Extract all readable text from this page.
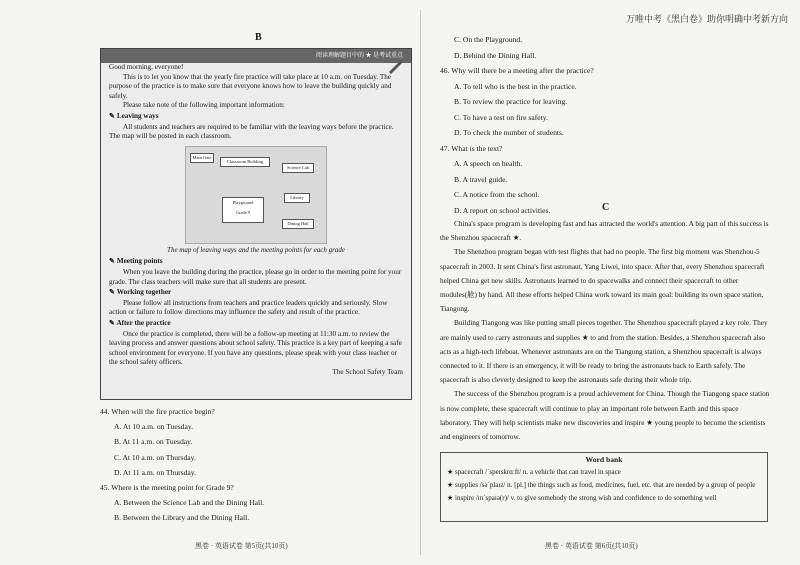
万唯中考《黑白卷》助你明确中考新方向
B
阅读理解题目中的 ★ 是考试重点

Good morning, everyone!

This is to let you know that the yearly fire practice will take place at 10 a.m. on Tuesday. The purpose of the practice is to make sure that everyone knows how to leave the building quickly and safely.

Please take note of the following important information:

✎ Leaving ways

All students and teachers are required to be familiar with the leaving ways before the practice. The map will be posted in each classroom.

Main Gate
Classroom Building
Science Lab
Playground
Grade 9
Library
Dining Hall
The map of leaving ways and the meeting points for each grade
✎ Meeting points

When you leave the building during the practice, please go in order to the meeting point for your grade. The class teachers will make sure that all students are present.

✎ Working together

Please follow all instructions from teachers and practice leaders quickly and seriously. Slow action or failure to follow directions may influence the safety and result of the practice.

✎ After the practice

Once the practice is completed, there will be a follow-up meeting at 11:30 a.m. to review the leaving process and answer questions about school safety. This practice is a key part of keeping a safe school environment for everyone. If you have any questions, please speak with your class teacher or the school safety officers.

The School Safety Team

44. When will the fire practice begin?
A. At 10 a.m. on Tuesday.
B. At 11 a.m. on Tuesday.
C. At 10 a.m. on Thursday.
D. At 11 a.m. on Thursday.
45. Where is the meeting point for Grade 9?
A. Between the Science Lab and the Dining Hall.
B. Between the Library and the Dining Hall.
黑卷 · 英语试卷 第5页(共10页)
C. On the Playground.
D. Behind the Dining Hall.
46. Why will there be a meeting after the practice?
A. To tell who is the best in the practice.
B. To review the practice for leaving.
C. To have a test on fire safety.
D. To check the number of students.
47. What is the text?
A. A speech on health.
B. A travel guide.
C. A notice from the school.
D. A report on school activities.	C

China's space program is developing fast and has attracted the world's attention. A big part of this success is the Shenzhou spacecraft ★.

The Shenzhou program began with test flights that had no people. The first big moment was Shenzhou-5 spacecraft in 2003. It sent China's first astronaut, Yang Liwei, into space. After that, every Shenzhou spacecraft helped China get new skills. Astronauts learned to do spacewalks and connect their spacecraft to other modules(舱) by hand. All these efforts helped China work toward its main goal: building its own space station, Tiangong.

Building Tiangong was like putting small pieces together. The Shenzhou spacecraft played a key role. They are mainly used to carry astronauts and supplies ★ to and from the station. Besides, a Shenzhou spacecraft also acts as a high-tech lifeboat. Whenever astronauts are on the Tiangong station, a Shenzhou spacecraft is always connected to it. If there is an emergency, it will be ready to bring the astronauts back to Earth safely. The spacecraft is also cleverly designed to keep the astronauts safe during their whole trip.

The success of the Shenzhou program is a proud achievement for China. Though the Tiangong space station is now complete, these spacecraft will continue to play an important role between Earth and this space laboratory. They will help scientists make new discoveries and inspire ★ young people to become the scientists and engineers of tomorrow.

Word bank
★ spacecraft /ˈspeɪskrɑːft/ n. a vehicle that can travel in space
★ supplies /səˈplaɪz/ n. [pl.] the things such as food, medicines, fuel, etc. that are needed by a group of people
★ inspire /ɪnˈspaɪə(r)/ v. to give somebody the strong wish and confidence to do something well
黑卷 · 英语试卷 第6页(共10页)
